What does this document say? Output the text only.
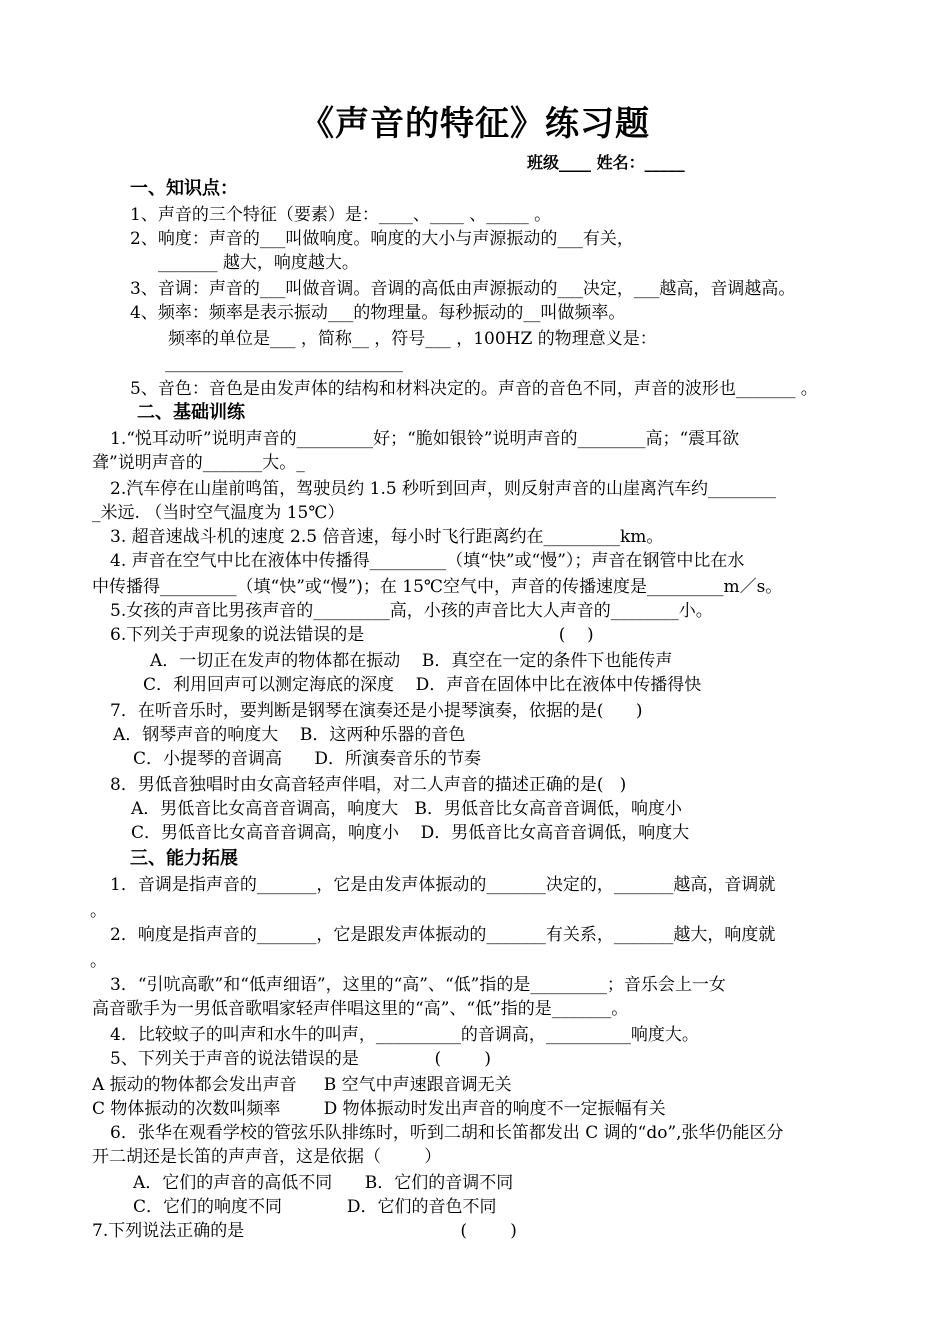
《声音的特征》练习题
班级____ 姓名：_____
一、知识点：
1、声音的三个特征（要素）是：____、____ 、_____ 。
2、响度：声音的___叫做响度。响度的大小与声源振动的___有关，
_______ 越大，响度越大。
3、音调：声音的___叫做音调。音调的高低由声源振动的___决定，___越高，音调越高。
4、频率：频率是表示振动___的物理量。每秒振动的__叫做频率。
频率的单位是___ ，简称__ ，符号___ ，100HZ 的物理意义是：
____________________________
5、音色：音色是由发声体的结构和材料决定的。声音的音色不同，声音的波形也_______ 。
二、基础训练
1.“悦耳动听”说明声音的_________好；“脆如银铃”说明声音的________高；“震耳欲
聋”说明声音的_______大。_
2.汽车停在山崖前鸣笛，驾驶员约 1.5 秒听到回声，则反射声音的山崖离汽车约________
_米远. （当时空气温度为 15℃）
3. 超音速战斗机的速度 2.5 倍音速，每小时飞行距离约在_________km。
4. 声音在空气中比在液体中传播得_________（填“快”或“慢”）；声音在钢管中比在水
中传播得_________（填“快”或“慢”)；在 15℃空气中，声音的传播速度是_________m／s。
5.女孩的声音比男孩声音的_________高，小孩的声音比大人声音的________小。
6.下列关于声现象的说法错误的是                                    (    )
A．一切正在发声的物体都在振动    B．真空在一定的条件下也能传声
C．利用回声可以测定海底的深度    D．声音在固体中比在液体中传播得快
7．在听音乐时，要判断是钢琴在演奏还是小提琴演奏，依据的是(      )
A．钢琴声音的响度大    B．这两种乐器的音色
C．小提琴的音调高      D．所演奏音乐的节奏
8．男低音独唱时由女高音轻声伴唱，对二人声音的描述正确的是(   )
A．男低音比女高音音调高，响度大   B．男低音比女高音音调低，响度小
C．男低音比女高音音调高，响度小    D．男低音比女高音音调低，响度大
三、能力拓展
1．音调是指声音的_______，它是由发声体振动的_______决定的，_______越高，音调就
。
2．响度是指声音的_______，它是跟发声体振动的_______有关系，_______越大，响度就
。
3．“引吭高歌”和“低声细语”，这里的“高”、“低”指的是_________；音乐会上一女
高音歌手为一男低音歌唱家轻声伴唱这里的“高”、“低”指的是_______。
4．比较蚊子的叫声和水牛的叫声，__________的音调高，__________响度大。
5、下列关于声音的说法错误的是              (        )
A 振动的物体都会发出声音     B 空气中声速跟音调无关
C 物体振动的次数叫频率        D 物体振动时发出声音的响度不一定振幅有关
6．张华在观看学校的管弦乐队排练时，听到二胡和长笛都发出 C 调的“do”,张华仍能区分
开二胡还是长笛的声声音，这是依据（        ）
A．它们的声音的高低不同      B．它们的音调不同
C．它们的响度不同            D．它们的音色不同
7.下列说法正确的是                                        (        )
